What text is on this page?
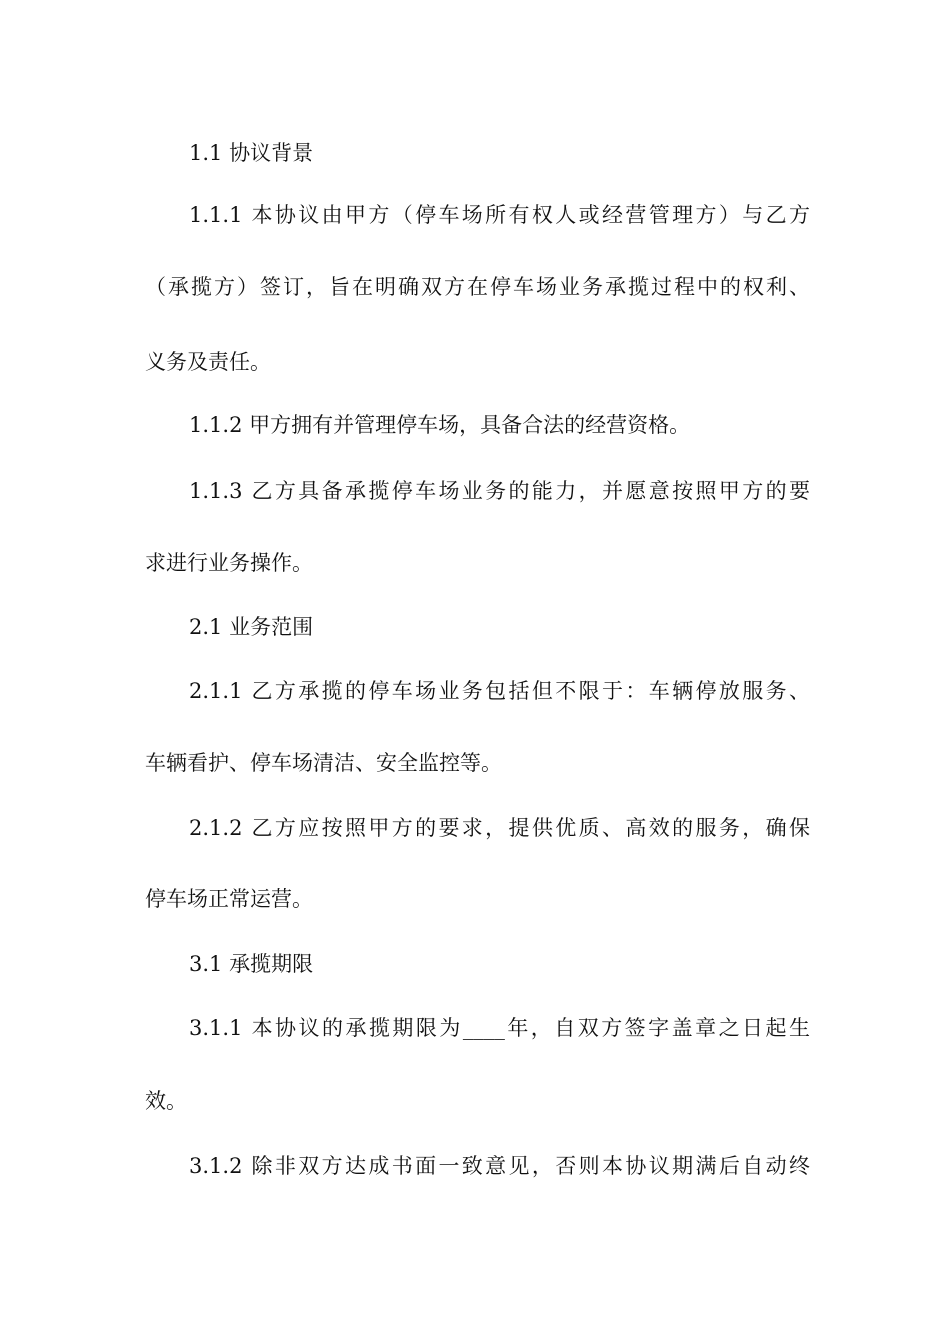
1.1 协议背景
1.1.1 本协议由甲方（停车场所有权人或经营管理方）与乙方
（承揽方）签订，旨在明确双方在停车场业务承揽过程中的权利、
义务及责任。
1.1.2 甲方拥有并管理停车场，具备合法的经营资格。
1.1.3 乙方具备承揽停车场业务的能力，并愿意按照甲方的要
求进行业务操作。
2.1 业务范围
2.1.1 乙方承揽的停车场业务包括但不限于：车辆停放服务、
车辆看护、停车场清洁、安全监控等。
2.1.2 乙方应按照甲方的要求，提供优质、高效的服务，确保
停车场正常运营。
3.1 承揽期限
3.1.1 本协议的承揽期限为____年，自双方签字盖章之日起生
效。
3.1.2 除非双方达成书面一致意见，否则本协议期满后自动终
